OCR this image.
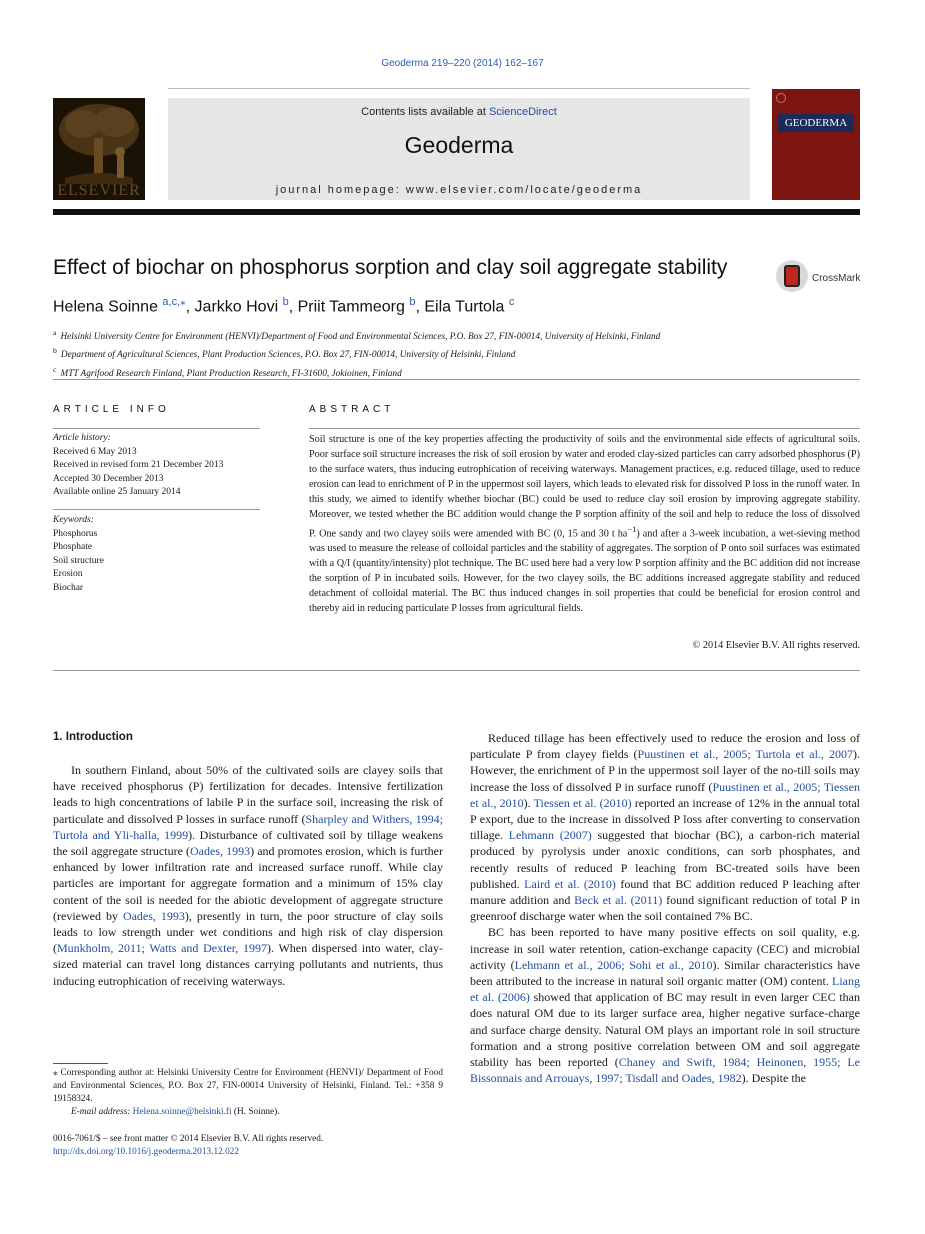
Geoderma 219–220 (2014) 162–167
ELSEVIER
Contents lists available at ScienceDirect
Geoderma
journal homepage: www.elsevier.com/locate/geoderma
GEODERMA
Effect of biochar on phosphorus sorption and clay soil aggregate stability	CrossMark
Helena Soinne $^{a,c,⁎}$, Jarkko Hovi $^b$, Priit Tammeorg $^b$, Eila Turtola $^c$
$^a$ Helsinki University Centre for Environment (HENVI)/Department of Food and Environmental Sciences, P.O. Box 27, FIN-00014, University of Helsinki, Finland
$^b$ Department of Agricultural Sciences, Plant Production Sciences, P.O. Box 27, FIN-00014, University of Helsinki, Finland
$^c$ MTT Agrifood Research Finland, Plant Production Research, FI-31600, Jokioinen, Finland
ARTICLE INFO	ABSTRACT
Article history:
Received 6 May 2013
Received in revised form 21 December 2013
Accepted 30 December 2013
Available online 25 January 2014
Keywords:
Phosphorus
Phosphate
Soil structure
Erosion
Biochar
Soil structure is one of the key properties affecting the productivity of soils and the environmental side effects of agricultural soils. Poor surface soil structure increases the risk of soil erosion by water and eroded clay-sized particles can carry adsorbed phosphorus (P) to the surface waters, thus inducing eutrophication of receiving waterways. Management practices, e.g. reduced tillage, used to reduce erosion can lead to enrichment of P in the uppermost soil layers, which leads to elevated risk for dissolved P loss in the runoff water. In this study, we aimed to identify whether biochar (BC) could be used to reduce clay soil erosion by improving aggregate stability. Moreover, we tested whether the BC addition would change the P sorption affinity of the soil and help to reduce the loss of dissolved P. One sandy and two clayey soils were amended with BC (0, 15 and 30 t $ha^{-1}$) and after a 3-week incubation, a wet-sieving method was used to measure the release of colloidal particles and the stability of aggregates. The sorption of P onto soil surfaces was estimated with a Q/I (quantity/intensity) plot technique. The BC used here had a very low P sorption affinity and the BC addition did not increase the sorption of P in incubated soils. However, for the two clayey soils, the BC additions increased aggregate stability and reduced detachment of colloidal material. The BC thus induced changes in soil properties that could be beneficial for erosion control and thereby aid in reducing particulate P losses from agricultural fields.
© 2014 Elsevier B.V. All rights reserved.
1. Introduction

In southern Finland, about 50% of the cultivated soils are clayey soils that have received phosphorus (P) fertilization for decades. Intensive fertilization leads to high concentrations of labile P in the surface soil, increasing the risk of particulate and dissolved P losses in surface runoff (Sharpley and Withers, 1994; Turtola and Yli-halla, 1999). Disturbance of cultivated soil by tillage weakens the soil aggregate structure (Oades, 1993) and promotes erosion, which is further enhanced by lower infiltration rate and increased surface runoff. While clay particles are important for aggregate formation and a minimum of 15% clay content of the soil is needed for the abiotic development of aggregate structure (reviewed by Oades, 1993), presently in turn, the poor structure of clay soils leads to low strength under wet conditions and high risk of clay dispersion (Munkholm, 2011; Watts and Dexter, 1997). When dispersed into water, clay-sized material can travel long distances carrying pollutants and nutrients, thus inducing eutrophication of receiving waterways.

Reduced tillage has been effectively used to reduce the erosion and loss of particulate P from clayey fields (Puustinen et al., 2005; Turtola et al., 2007). However, the enrichment of P in the uppermost soil layer of the no-till soils may increase the loss of dissolved P in surface runoff (Puustinen et al., 2005; Tiessen et al., 2010). Tiessen et al. (2010) reported an increase of 12% in the annual total P export, due to the increase in dissolved P loss after converting to conservation tillage. Lehmann (2007) suggested that biochar (BC), a carbon-rich material produced by pyrolysis under anoxic conditions, can sorb phosphates, and recently results of reduced P leaching from BC-treated soils have been published. Laird et al. (2010) found that BC addition reduced P leaching after manure addition and Beck et al. (2011) found significant reduction of total P in greenroof discharge water when the soil contained 7% BC.

BC has been reported to have many positive effects on soil quality, e.g. increase in soil water retention, cation-exchange capacity (CEC) and microbial activity (Lehmann et al., 2006; Sohi et al., 2010). Similar characteristics have been attributed to the increase in natural soil organic matter (OM) content. Liang et al. (2006) showed that application of BC may result in even larger CEC than does natural OM due to its larger surface area, higher negative surface-charge and surface charge density. Natural OM plays an important role in soil structure formation and a strong positive correlation between OM and soil aggregate stability has been reported (Chaney and Swift, 1984; Heinonen, 1955; Le Bissonnais and Arrouays, 1997; Tisdall and Oades, 1982). Despite the

⁎ Corresponding author at: Helsinki University Centre for Environment (HENVI)/ Department of Food and Environmental Sciences, P.O. Box 27, FIN-00014 University of Helsinki, Finland. Tel.: +358 9 19158324.
E-mail address: Helena.soinne@helsinki.fi (H. Soinne).
0016-7061/$ – see front matter © 2014 Elsevier B.V. All rights reserved.
http://dx.doi.org/10.1016/j.geoderma.2013.12.022
